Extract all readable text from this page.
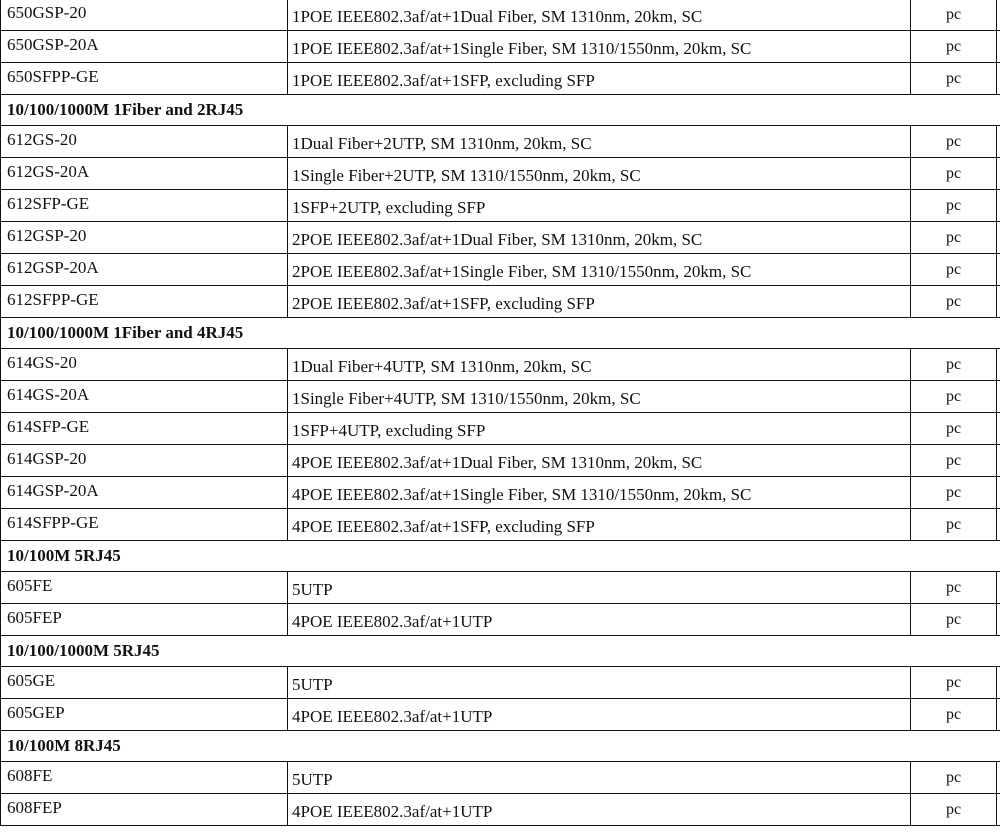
650GSP-20	1POE IEEE802.3af/at+1Dual Fiber, SM 1310nm, 20km, SC	pc	
650GSP-20A	1POE IEEE802.3af/at+1Single Fiber, SM 1310/1550nm, 20km, SC	pc	
650SFPP-GE	1POE IEEE802.3af/at+1SFP, excluding SFP	pc	
10/100/1000M 1Fiber and 2RJ45			
612GS-20	1Dual Fiber+2UTP, SM 1310nm, 20km, SC	pc	
612GS-20A	1Single Fiber+2UTP, SM 1310/1550nm, 20km, SC	pc	
612SFP-GE	1SFP+2UTP, excluding SFP	pc	
612GSP-20	2POE IEEE802.3af/at+1Dual Fiber, SM 1310nm, 20km, SC	pc	
612GSP-20A	2POE IEEE802.3af/at+1Single Fiber, SM 1310/1550nm, 20km, SC	pc	
612SFPP-GE	2POE IEEE802.3af/at+1SFP, excluding SFP	pc	
10/100/1000M 1Fiber and 4RJ45			
614GS-20	1Dual Fiber+4UTP, SM 1310nm, 20km, SC	pc	
614GS-20A	1Single Fiber+4UTP, SM 1310/1550nm, 20km, SC	pc	
614SFP-GE	1SFP+4UTP, excluding SFP	pc	
614GSP-20	4POE IEEE802.3af/at+1Dual Fiber, SM 1310nm, 20km, SC	pc	
614GSP-20A	4POE IEEE802.3af/at+1Single Fiber, SM 1310/1550nm, 20km, SC	pc	
614SFPP-GE	4POE IEEE802.3af/at+1SFP, excluding SFP	pc	
10/100M 5RJ45			
605FE	5UTP	pc	
605FEP	4POE IEEE802.3af/at+1UTP	pc	
10/100/1000M 5RJ45			
605GE	5UTP	pc	
605GEP	4POE IEEE802.3af/at+1UTP	pc	
10/100M 8RJ45			
608FE	5UTP	pc	
608FEP	4POE IEEE802.3af/at+1UTP	pc	
